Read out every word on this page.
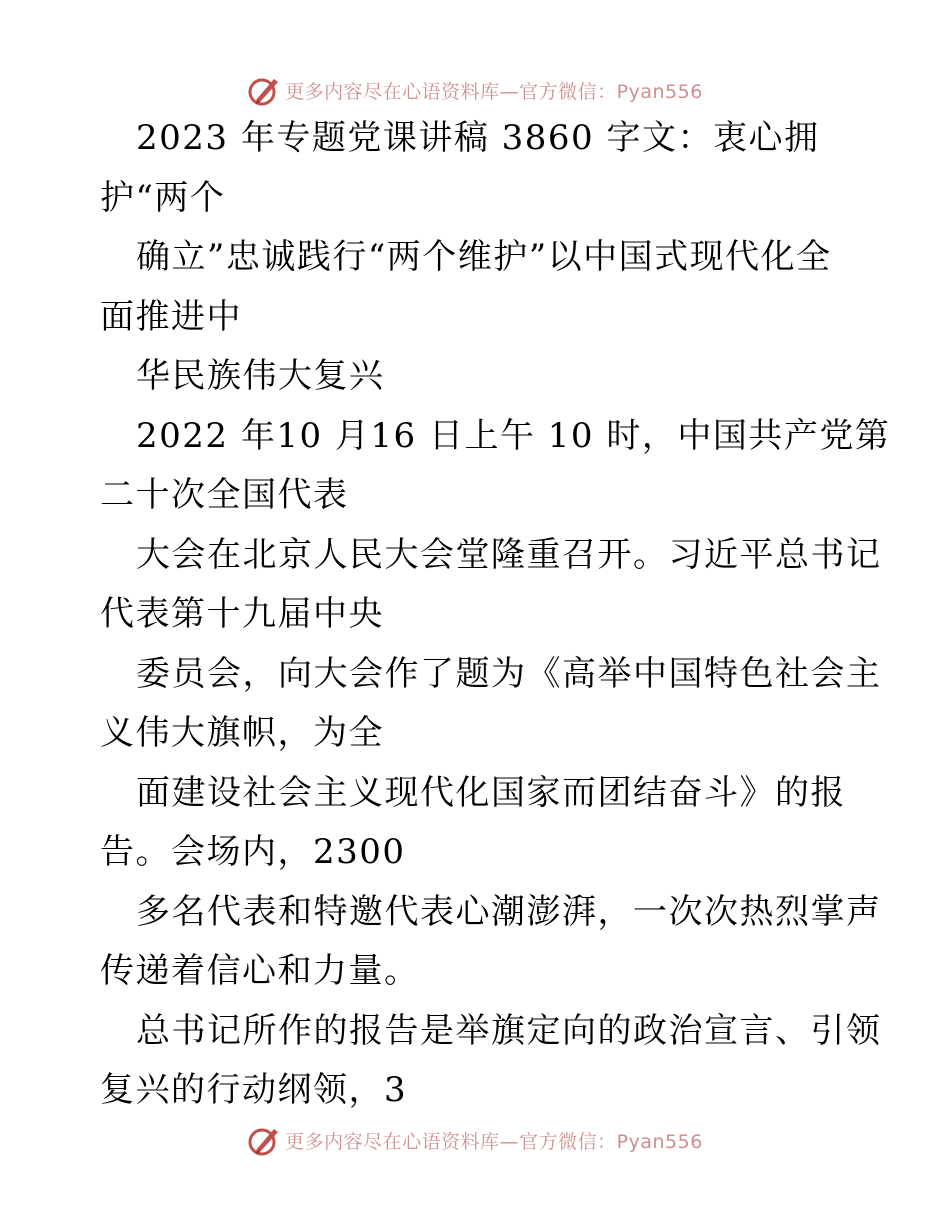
更多内容尽在心语资料库—官方微信：Pyan556
2023 年专题党课讲稿 3860 字文：衷心拥
护“两个
确立”忠诚践行“两个维护”以中国式现代化全
面推进中
华民族伟大复兴
2022 年10 月16 日上午 10 时，中国共产党第
二十次全国代表
大会在北京人民大会堂隆重召开。习近平总书记
代表第十九届中央
委员会，向大会作了题为《高举中国特色社会主
义伟大旗帜，为全
面建设社会主义现代化国家而团结奋斗》的报
告。会场内，2300
多名代表和特邀代表心潮澎湃，一次次热烈掌声
传递着信心和力量。
总书记所作的报告是举旗定向的政治宣言、引领
复兴的行动纲领，3
更多内容尽在心语资料库—官方微信：Pyan556
